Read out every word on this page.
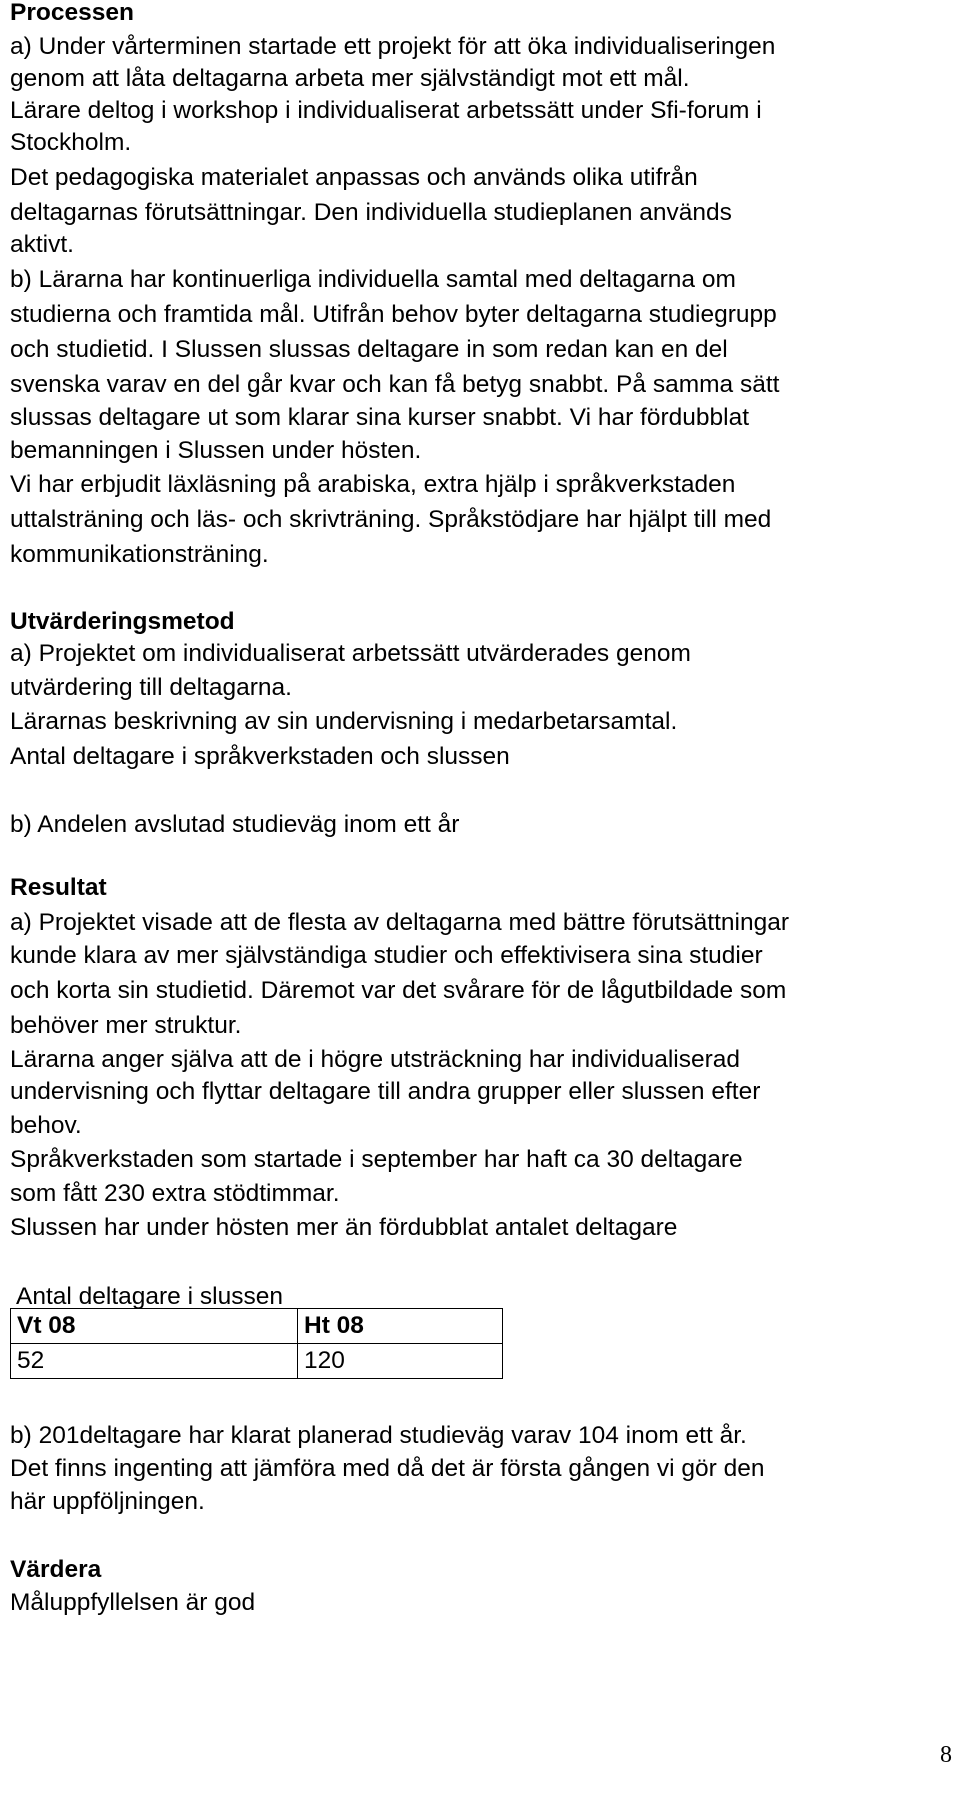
Processen
a) Under vårterminen startade ett projekt för att öka individualiseringen
genom att låta deltagarna arbeta mer självständigt mot ett mål.
Lärare deltog i workshop i individualiserat arbetssätt under Sfi-forum i
Stockholm.
Det pedagogiska materialet anpassas och används olika utifrån
deltagarnas förutsättningar. Den individuella studieplanen används
aktivt.
b) Lärarna har kontinuerliga individuella samtal med deltagarna om
studierna och framtida mål. Utifrån behov byter deltagarna studiegrupp
och studietid. I Slussen slussas deltagare in som redan kan en del
svenska varav en del går kvar och kan få betyg snabbt. På samma sätt
slussas deltagare ut som klarar sina kurser snabbt. Vi har fördubblat
bemanningen i Slussen under hösten.
Vi har erbjudit läxläsning på arabiska, extra hjälp i språkverkstaden
uttalsträning och läs- och skrivträning. Språkstödjare har hjälpt till med
kommunikationsträning.
Utvärderingsmetod
a) Projektet om individualiserat arbetssätt utvärderades genom
utvärdering till deltagarna.
Lärarnas beskrivning av sin undervisning i medarbetarsamtal.
Antal deltagare i språkverkstaden och slussen
b) Andelen avslutad studieväg inom ett år
Resultat
a) Projektet visade att de flesta av deltagarna med bättre förutsättningar
kunde klara av mer självständiga studier och effektivisera sina studier
och korta sin studietid. Däremot var det svårare för de lågutbildade som
behöver mer struktur.
Lärarna anger själva att de i högre utsträckning har individualiserad
undervisning och flyttar deltagare till andra grupper eller slussen efter
behov.
Språkverkstaden som startade i september har haft ca 30 deltagare
som fått 230 extra stödtimmar.
Slussen har under hösten mer än fördubblat antalet deltagare
Antal deltagare i slussen
Vt 08	Ht 08
52	120
b) 201deltagare har klarat planerad studieväg varav 104 inom ett år.
Det finns ingenting att jämföra med då det är första gången vi gör den
här uppföljningen.
Värdera
Måluppfyllelsen är god
8
